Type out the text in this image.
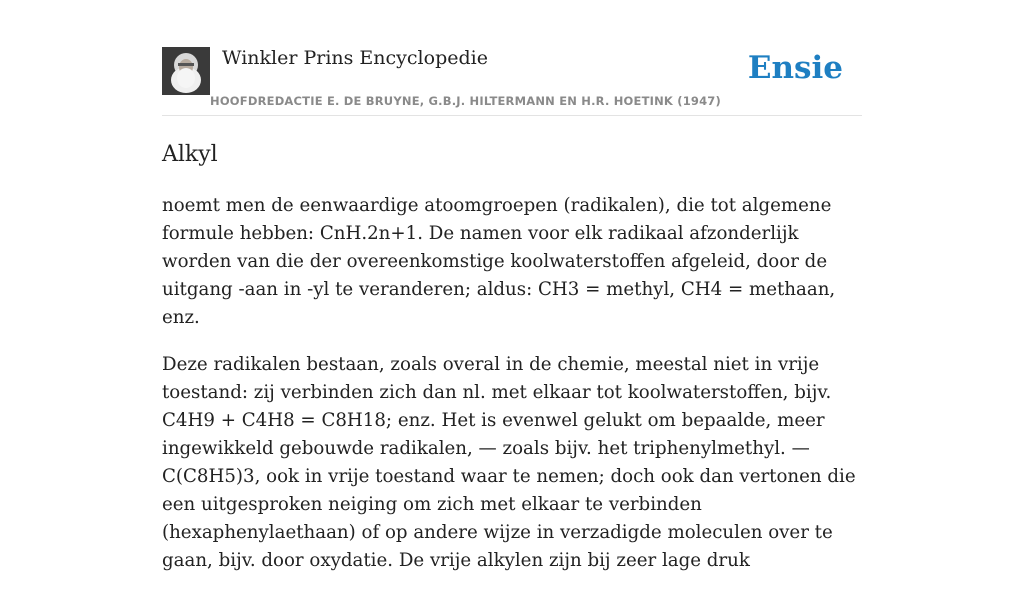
Winkler Prins Encyclopedie
HOOFDREDACTIE E. DE BRUYNE, G.B.J. HILTERMANN EN H.R. HOETINK (1947)
Ensie
Alkyl

noemt men de eenwaardige atoomgroepen (radikalen), die tot algemene formule hebben: CnH.2n+1. De namen voor elk radikaal afzonderlijk worden van die der overeenkomstige koolwaterstoffen afgeleid, door de uitgang -aan in -yl te veranderen; aldus: CH3 = methyl, CH4 = methaan, enz.

Deze radikalen bestaan, zoals overal in de chemie, meestal niet in vrije toestand: zij verbinden zich dan nl. met elkaar tot koolwaterstoffen, bijv. C4H9 + C4H8 = C8H18; enz. Het is evenwel gelukt om bepaalde, meer ingewikkeld gebouwde radikalen, — zoals bijv. het triphenylmethyl. — C(C8H5)3, ook in vrije toestand waar te nemen; doch ook dan vertonen die een uitgesproken neiging om zich met elkaar te verbinden (hexaphenylaethaan) of op andere wijze in verzadigde moleculen over te gaan, bijv. door oxydatie. De vrije alkylen zijn bij zeer lage druk
